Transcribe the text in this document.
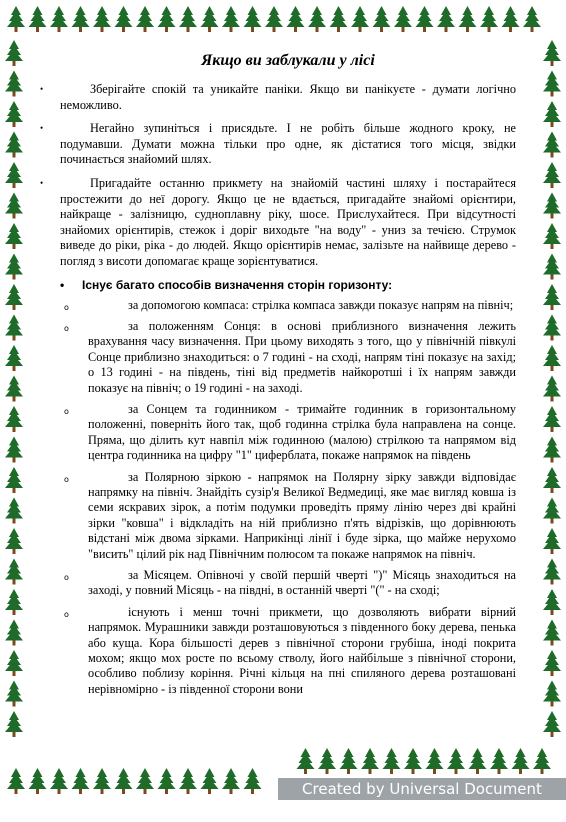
Якщо ви заблукали у лісі

•	Зберігайте спокій та уникайте паніки. Якщо ви панікуєте - думати логічно неможливо.

•	Негайно зупиніться і присядьте. І не робіть більше жодного кроку, не подумавши. Думати можна тільки про одне, як дістатися того місця, звідки починається знайомий шлях.

•	Пригадайте останню прикмету на знайомій частині шляху і постарайтеся простежити до неї дорогу. Якщо це не вдається, пригадайте знайомі орієнтири, найкраще - залізницю, судноплавну ріку, шосе. Прислухайтеся. При відсутності знайомих орієнтирів, стежок і доріг виходьте "на воду" - униз за течією. Струмок виведе до ріки, ріка - до людей. Якщо орієнтирів немає, залізьте на найвище дерево - погляд з висоти допомагає краще зорієнтуватися.

• Існує багато способів визначення сторін горизонту:
o	за допомогою компаса: стрілка компаса завжди показує напрям на північ;
o	за положенням Сонця: в основі приблизного визначення лежить врахування часу визначення. При цьому виходять з того, що у північній півкулі Сонце приблизно знаходиться: о 7 годині - на сході, напрям тіні показує на захід; о 13 годині - на південь, тіні від предметів найкоротші і їх напрям завжди показує на північ; о 19 годині - на заході.
o	за Сонцем та годинником - тримайте годинник в горизонтальному положенні, поверніть його так, щоб годинна стрілка була направлена на сонце. Пряма, що ділить кут навпіл між годинною (малою) стрілкою та напрямом від центра годинника на цифру "1" циферблата, покаже напрямок на південь
o	за Полярною зіркою - напрямок на Полярну зірку завжди відповідає напрямку на північ. Знайдіть сузір'я Великої Ведмедиці, яке має вигляд ковша із семи яскравих зірок, а потім подумки проведіть пряму лінію через дві крайні зірки "ковша" і відкладіть на ній приблизно п'ять відрізків, що дорівнюють відстані між двома зірками. Наприкінці лінії і буде зірка, що майже нерухомо "висить" цілий рік над Північним полюсом та покаже напрямок на північ.
o	за Місяцем. Опівночі у своїй першій чверті ")" Місяць знаходиться на заході, у повний Місяць - на півдні, в останній чверті "(" - на сході;
o	існують і менш точні прикмети, що дозволяють вибрати вірний напрямок. Мурашники завжди розташовуються з південного боку дерева, пенька або куща. Кора більшості дерев з північної сторони грубіша, іноді покрита мохом; якщо мох росте по всьому стволу, його найбільше з північної сторони, особливо поблизу коріння. Річні кільця на пні спиляного дерева розташовані нерівномірно - із південної сторони вони
Created by Universal Document Converter
